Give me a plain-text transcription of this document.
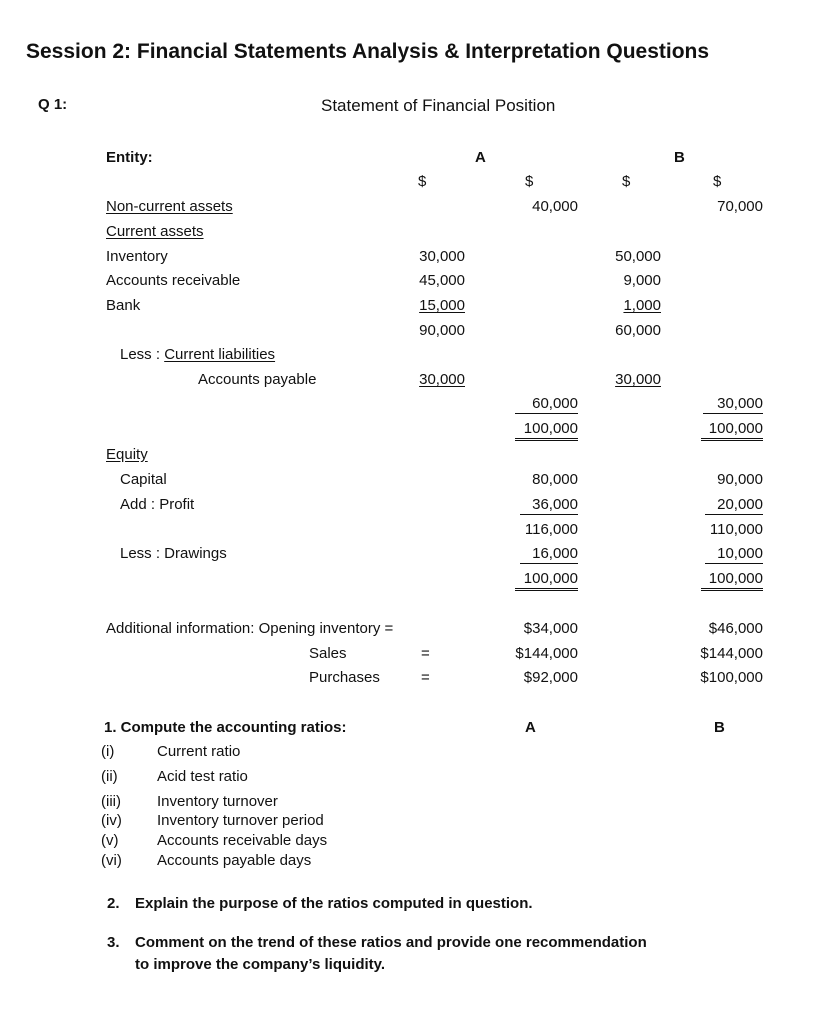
Session 2: Financial Statements Analysis & Interpretation Questions
Q 1:	Statement of Financial Position
Entity:	A	B
$	$	$	$
Non-current assets	40,000	70,000
Current assets
Inventory	30,000	50,000
Accounts receivable	45,000	9,000
Bank	15,000	1,000
90,000	60,000
Less : Current liabilities
Accounts payable	30,000	30,000
60,000	30,000
100,000	100,000
Equity
Capital	80,000	90,000
Add : Profit	36,000	20,000
116,000	110,000
Less : Drawings	16,000	10,000
100,000	100,000
Additional information: Opening inventory =	$34,000	$46,000
Sales	=	$144,000	$144,000
Purchases	=	$92,000	$100,000
1. Compute the accounting ratios:	A	B
(i)	Current ratio
(ii)	Acid test ratio
(iii) Inventory turnover
(iv) Inventory turnover period
(v)	Accounts receivable days
(vi) Accounts payable days
2. Explain the purpose of the ratios computed in question.
3. Comment on the trend of these ratios and provide one recommendation
to improve the company’s liquidity.
